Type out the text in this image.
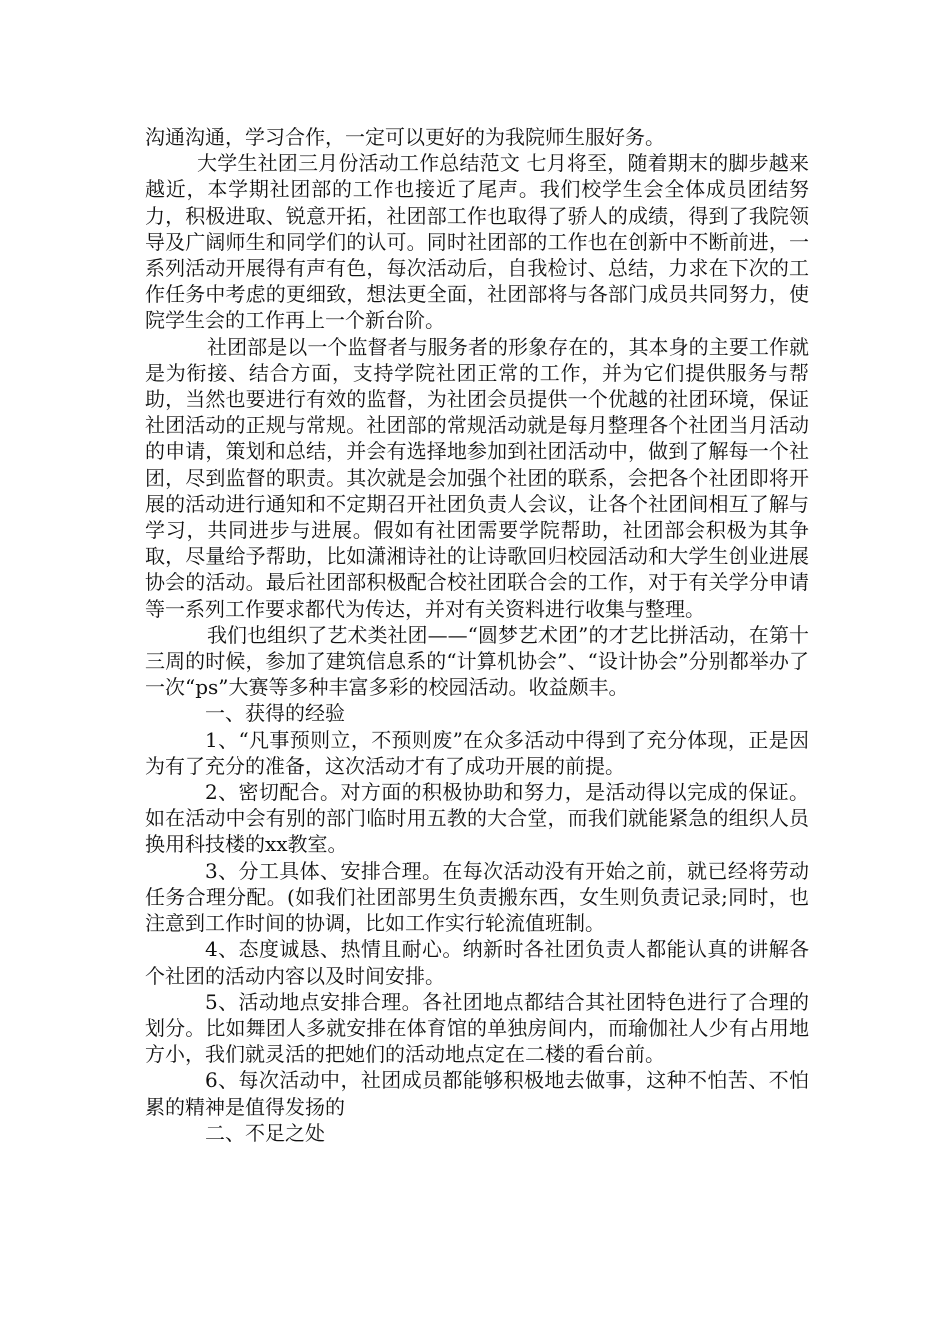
沟通沟通，学习合作，一定可以更好的为我院师生服好务。

大学生社团三月份活动工作总结范文 七月将至，随着期末的脚步越来越近，本学期社团部的工作也接近了尾声。我们校学生会全体成员团结努力，积极进取、锐意开拓，社团部工作也取得了骄人的成绩，得到了我院领导及广阔师生和同学们的认可。同时社团部的工作也在创新中不断前进，一系列活动开展得有声有色，每次活动后，自我检讨、总结，力求在下次的工作任务中考虑的更细致，想法更全面，社团部将与各部门成员共同努力，使院学生会的工作再上一个新台阶。

社团部是以一个监督者与服务者的形象存在的，其本身的主要工作就是为衔接、结合方面，支持学院社团正常的工作，并为它们提供服务与帮助，当然也要进行有效的监督，为社团会员提供一个优越的社团环境，保证社团活动的正规与常规。社团部的常规活动就是每月整理各个社团当月活动的申请，策划和总结，并会有选择地参加到社团活动中，做到了解每一个社团，尽到监督的职责。其次就是会加强个社团的联系，会把各个社团即将开展的活动进行通知和不定期召开社团负责人会议，让各个社团间相互了解与学习，共同进步与进展。假如有社团需要学院帮助，社团部会积极为其争取，尽量给予帮助，比如潇湘诗社的让诗歌回归校园活动和大学生创业进展协会的活动。最后社团部积极配合校社团联合会的工作，对于有关学分申请等一系列工作要求都代为传达，并对有关资料进行收集与整理。

我们也组织了艺术类社团——“圆梦艺术团”的才艺比拼活动，在第十三周的时候，参加了建筑信息系的“计算机协会”、“设计协会”分别都举办了一次“ps”大赛等多种丰富多彩的校园活动。收益颇丰。

一、获得的经验

1、“凡事预则立，不预则废”在众多活动中得到了充分体现，正是因为有了充分的准备，这次活动才有了成功开展的前提。

2、密切配合。对方面的积极协助和努力，是活动得以完成的保证。如在活动中会有别的部门临时用五教的大合堂，而我们就能紧急的组织人员换用科技楼的xx教室。

3、分工具体、安排合理。在每次活动没有开始之前，就已经将劳动任务合理分配。(如我们社团部男生负责搬东西，女生则负责记录;同时，也注意到工作时间的协调，比如工作实行轮流值班制。

4、态度诚恳、热情且耐心。纳新时各社团负责人都能认真的讲解各个社团的活动内容以及时间安排。

5、活动地点安排合理。各社团地点都结合其社团特色进行了合理的划分。比如舞团人多就安排在体育馆的单独房间内，而瑜伽社人少有占用地方小，我们就灵活的把她们的活动地点定在二楼的看台前。

6、每次活动中，社团成员都能够积极地去做事，这种不怕苦、不怕累的精神是值得发扬的

二、不足之处
